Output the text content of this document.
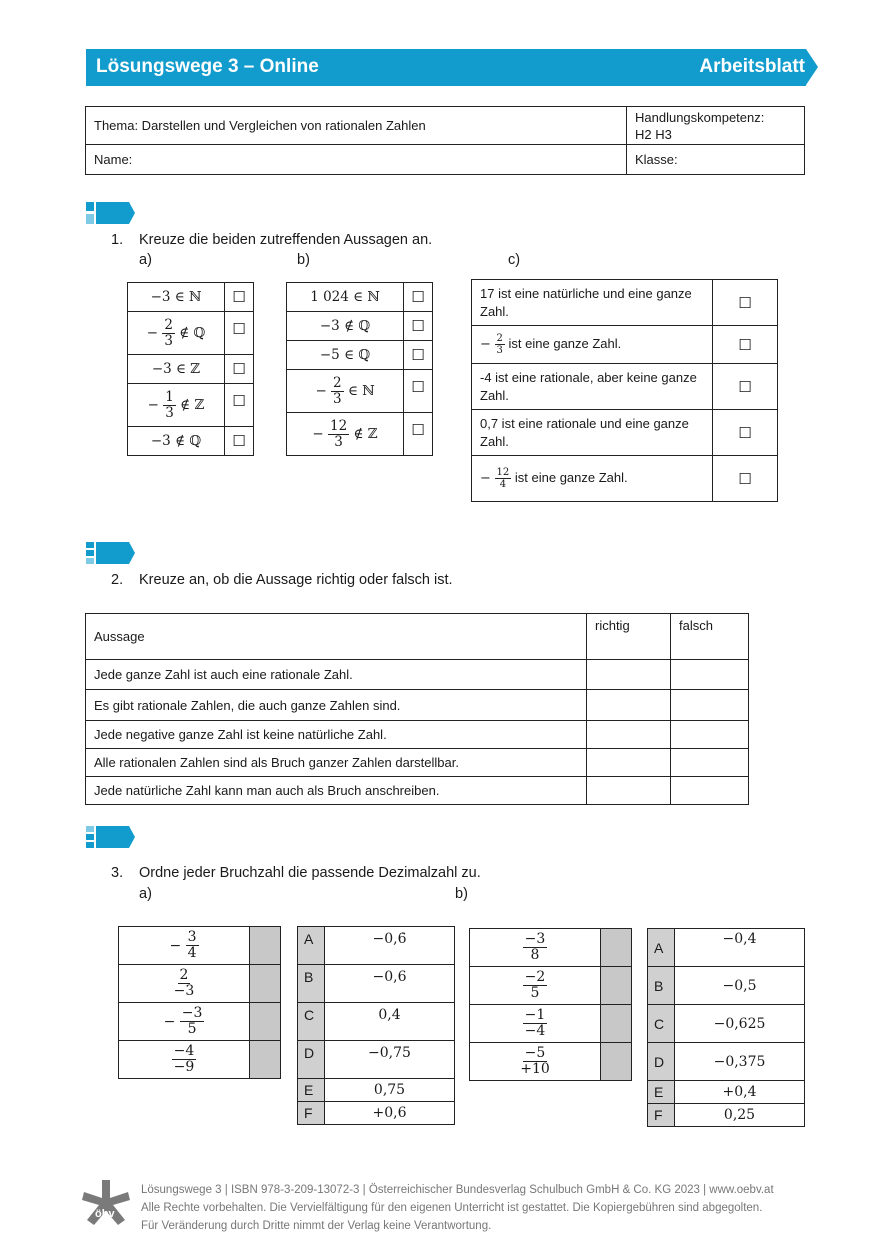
Lösungswege 3 – Online	Arbeitsblatt
Thema: Darstellen und Vergleichen von rationalen Zahlen	Handlungskompetenz:
H2 H3
Name:	Klasse:
1. Kreuze die beiden zutreffenden Aussagen an.
a)	b)	c)
−3 ∈ ℕ	☐
− $\frac{2}{3}$ ∉ ℚ	☐
−3 ∈ ℤ	☐
− $\frac{1}{3}$ ∉ ℤ	☐
−3 ∉ ℚ	☐
1 024 ∈ ℕ	☐
−3 ∉ ℚ	☐
−5 ∈ ℚ	☐
− $\frac{2}{3}$ ∈ ℕ	☐
− $\frac{12}{3}$ ∉ ℤ	☐
17 ist eine natürliche und eine ganze Zahl.	☐
− $\frac{2}{3}$ ist eine ganze Zahl.	☐
-4 ist eine rationale, aber keine ganze Zahl.	☐
0,7 ist eine rationale und eine ganze Zahl.	☐
− $\frac{12}{4}$ ist eine ganze Zahl.	☐
2. Kreuze an, ob die Aussage richtig oder falsch ist.
Aussage	richtig	falsch
Jede ganze Zahl ist auch eine rationale Zahl.		
Es gibt rationale Zahlen, die auch ganze Zahlen sind.		
Jede negative ganze Zahl ist keine natürliche Zahl.		
Alle rationalen Zahlen sind als Bruch ganzer Zahlen darstellbar.		
Jede natürliche Zahl kann man auch als Bruch anschreiben.		
3. Ordne jeder Bruchzahl die passende Dezimalzahl zu.
a)	b)
− $\frac{3}{4}$

$\frac{2}{-3}$

− $\frac{-3}{5}$

$\frac{-4}{-9}$

A	−0,6̇
B	−0,6
C	0,4̇
D	−0,75
E	0,75
F	+0,6
$\frac{-3}{8}$

$\frac{-2}{5}$

$\frac{-1}{-4}$

$\frac{-5}{+10}$

A	−0,4
B	−0,5
C	−0,625
D	−0,375
E	+0,4
F	0,25
öbv
Lösungswege 3 | ISBN 978-3-209-13072-3 | Österreichischer Bundesverlag Schulbuch GmbH & Co. KG 2023 | www.oebv.at
Alle Rechte vorbehalten. Die Vervielfältigung für den eigenen Unterricht ist gestattet. Die Kopiergebühren sind abgegolten.
Für Veränderung durch Dritte nimmt der Verlag keine Verantwortung.
